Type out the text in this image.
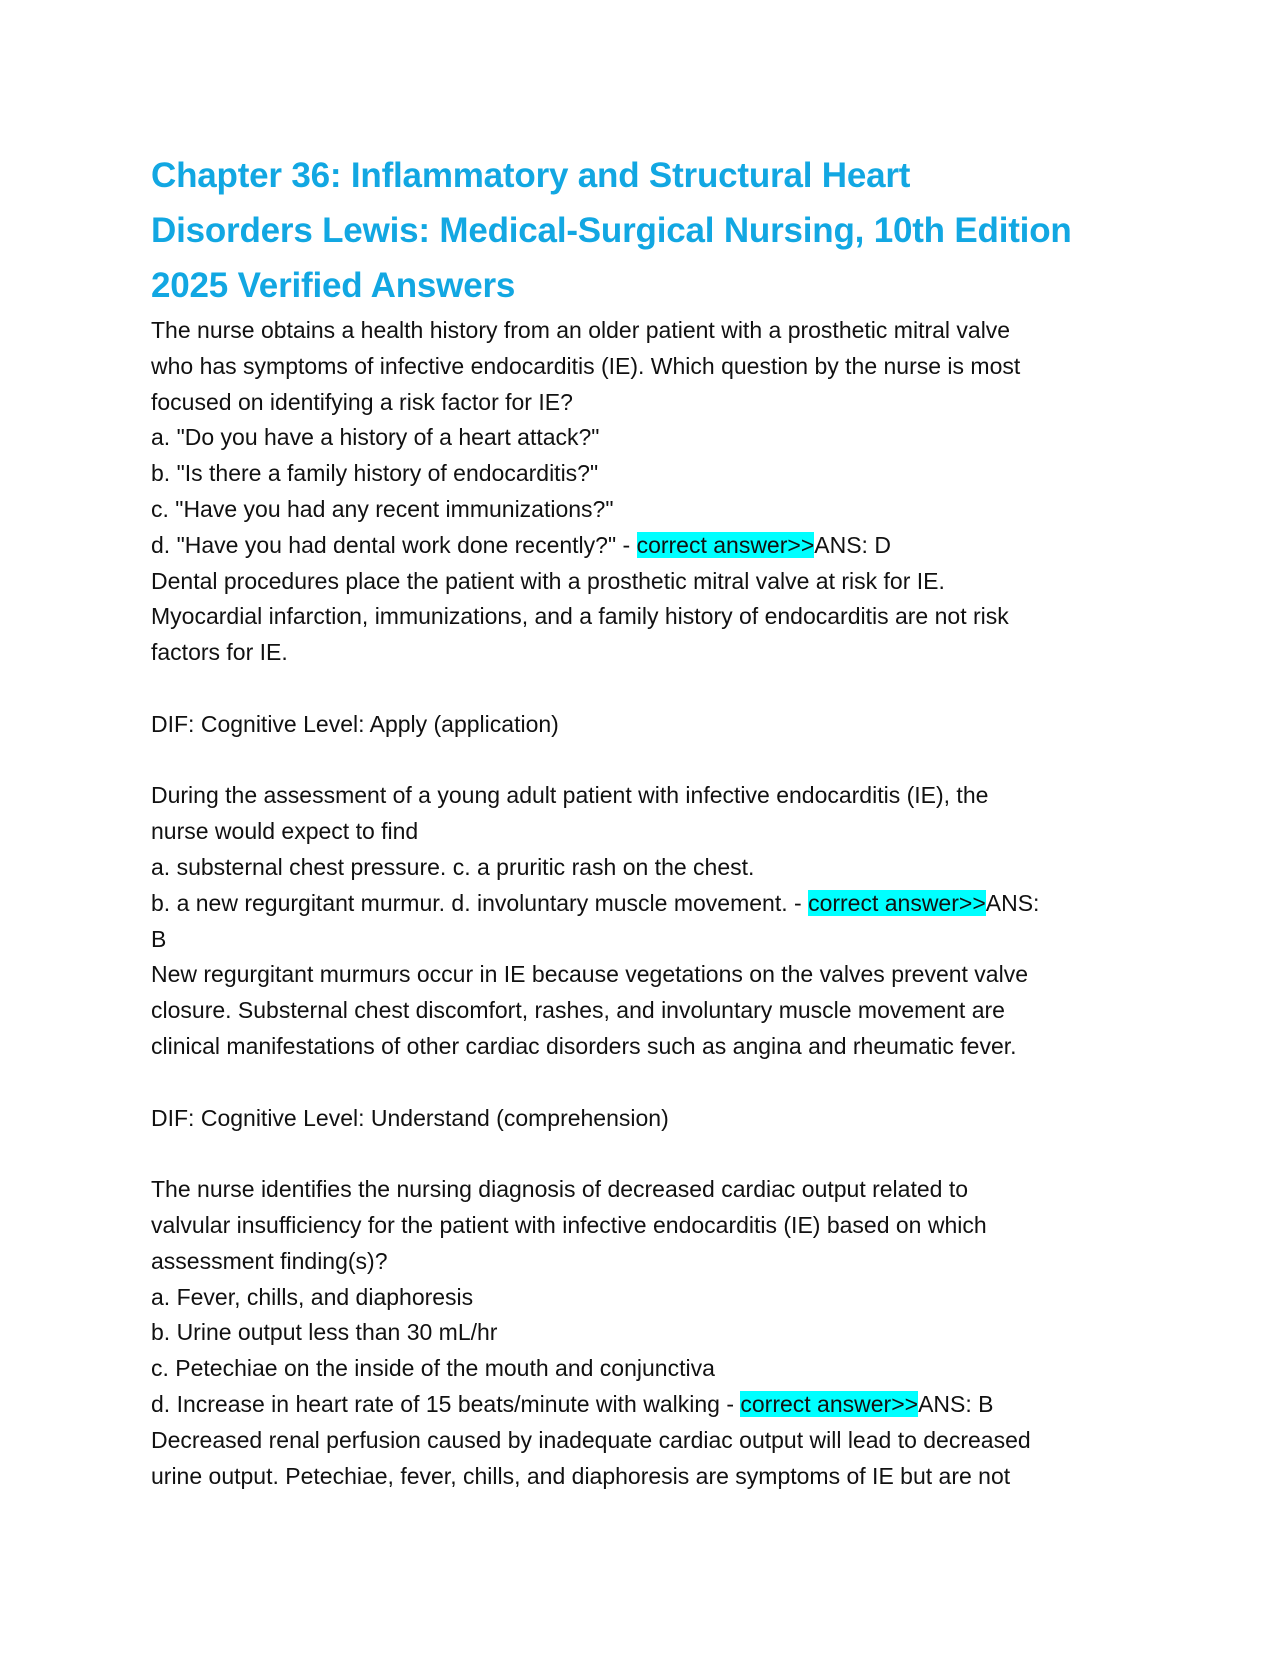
Chapter 36: Inflammatory and Structural Heart

Disorders Lewis: Medical-Surgical Nursing, 10th Edition

2025 Verified Answers

The nurse obtains a health history from an older patient with a prosthetic mitral valve

who has symptoms of infective endocarditis (IE). Which question by the nurse is most

focused on identifying a risk factor for IE?

a. "Do you have a history of a heart attack?"

b. "Is there a family history of endocarditis?"

c. "Have you had any recent immunizations?"

d. "Have you had dental work done recently?" - correct answer>>ANS: D

Dental procedures place the patient with a prosthetic mitral valve at risk for IE.

Myocardial infarction, immunizations, and a family history of endocarditis are not risk

factors for IE.

DIF: Cognitive Level: Apply (application)

During the assessment of a young adult patient with infective endocarditis (IE), the

nurse would expect to find

a. substernal chest pressure. c. a pruritic rash on the chest.

b. a new regurgitant murmur. d. involuntary muscle movement. - correct answer>>ANS:

B

New regurgitant murmurs occur in IE because vegetations on the valves prevent valve

closure. Substernal chest discomfort, rashes, and involuntary muscle movement are

clinical manifestations of other cardiac disorders such as angina and rheumatic fever.

DIF: Cognitive Level: Understand (comprehension)

The nurse identifies the nursing diagnosis of decreased cardiac output related to

valvular insufficiency for the patient with infective endocarditis (IE) based on which

assessment finding(s)?

a. Fever, chills, and diaphoresis

b. Urine output less than 30 mL/hr

c. Petechiae on the inside of the mouth and conjunctiva

d. Increase in heart rate of 15 beats/minute with walking - correct answer>>ANS: B

Decreased renal perfusion caused by inadequate cardiac output will lead to decreased

urine output. Petechiae, fever, chills, and diaphoresis are symptoms of IE but are not
